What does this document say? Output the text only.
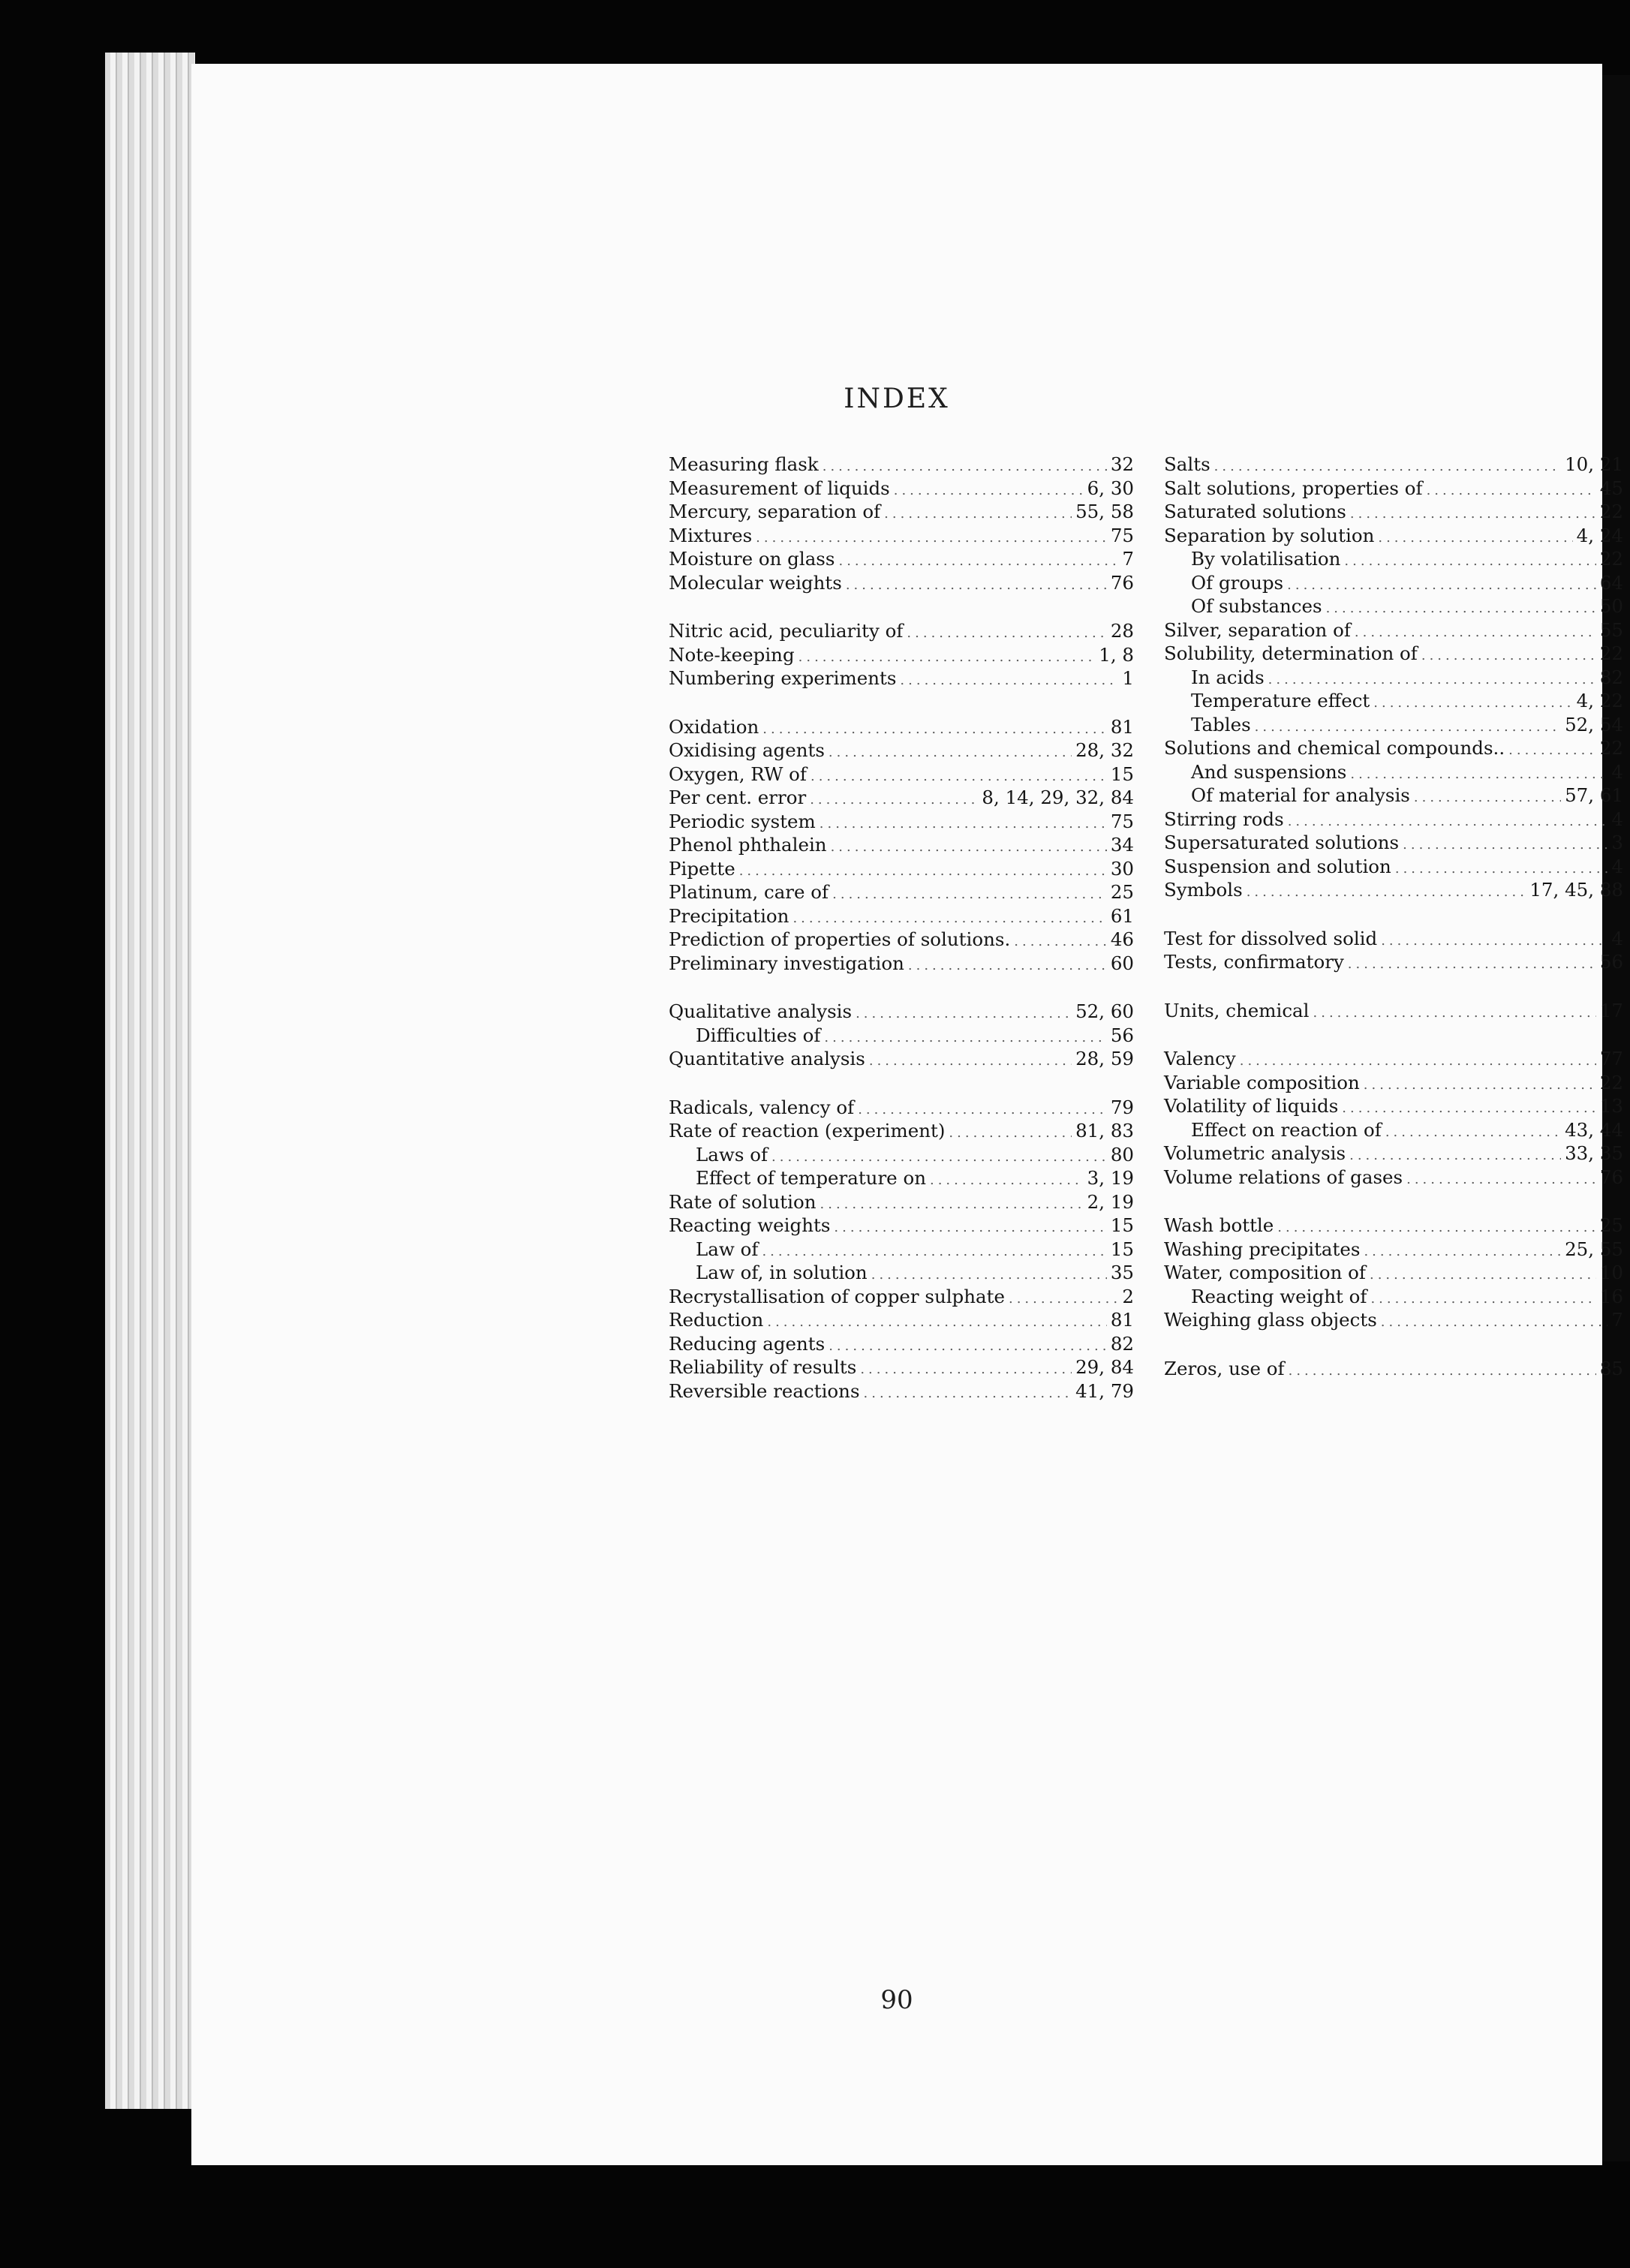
INDEX
Measuring flask .....	32
Measurement of liquids .....	6, 30
Mercury, separation of .....	55, 58
Mixtures .....	75
Moisture on glass .....	7
Molecular weights .....	76
Nitric acid, peculiarity of .....	28
Note-keeping .....	1, 8
Numbering experiments .....	1
Oxidation .....	81
Oxidising agents .....	28, 32
Oxygen, RW of .....	15
Per cent. error .....	8, 14, 29, 32, 84
Periodic system .....	75
Phenol phthalein .....	34
Pipette .....	30
Platinum, care of .....	25
Precipitation .....	61
Prediction of properties of solutions. .....	46
Preliminary investigation .....	60
Qualitative analysis .....	52, 60
Difficulties of .....	56
Quantitative analysis .....	28, 59
Radicals, valency of .....	79
Rate of reaction (experiment) .....	81, 83
Laws of .....	80
Effect of temperature on .....	3, 19
Rate of solution .....	2, 19
Reacting weights .....	15
Law of .....	15
Law of, in solution .....	35
Recrystallisation of copper sulphate .....	2
Reduction .....	81
Reducing agents .....	82
Reliability of results .....	29, 84
Reversible reactions .....	41, 79
Salts .....	10, 21
Salt solutions, properties of .....	45
Saturated solutions .....	22
Separation by solution .....	4, 24
By volatilisation .....	22
Of groups .....	64
Of substances .....	50
Silver, separation of .....	55
Solubility, determination of .....	22
In acids .....	82
Temperature effect .....	4, 22
Tables .....	52, 54
Solutions and chemical compounds.. .....	22
And suspensions .....	4
Of material for analysis .....	57, 61
Stirring rods .....	4
Supersaturated solutions .....	3
Suspension and solution .....	4
Symbols .....	17, 45, 88
Test for dissolved solid .....	4
Tests, confirmatory .....	56
Units, chemical .....	17
Valency .....	77
Variable composition .....	22
Volatility of liquids .....	13
Effect on reaction of .....	43, 44
Volumetric analysis .....	33, 35
Volume relations of gases .....	76
Wash bottle .....	25
Washing precipitates .....	25, 55
Water, composition of .....	10
Reacting weight of .....	16
Weighing glass objects .....	7
Zeros, use of .....	85
90
